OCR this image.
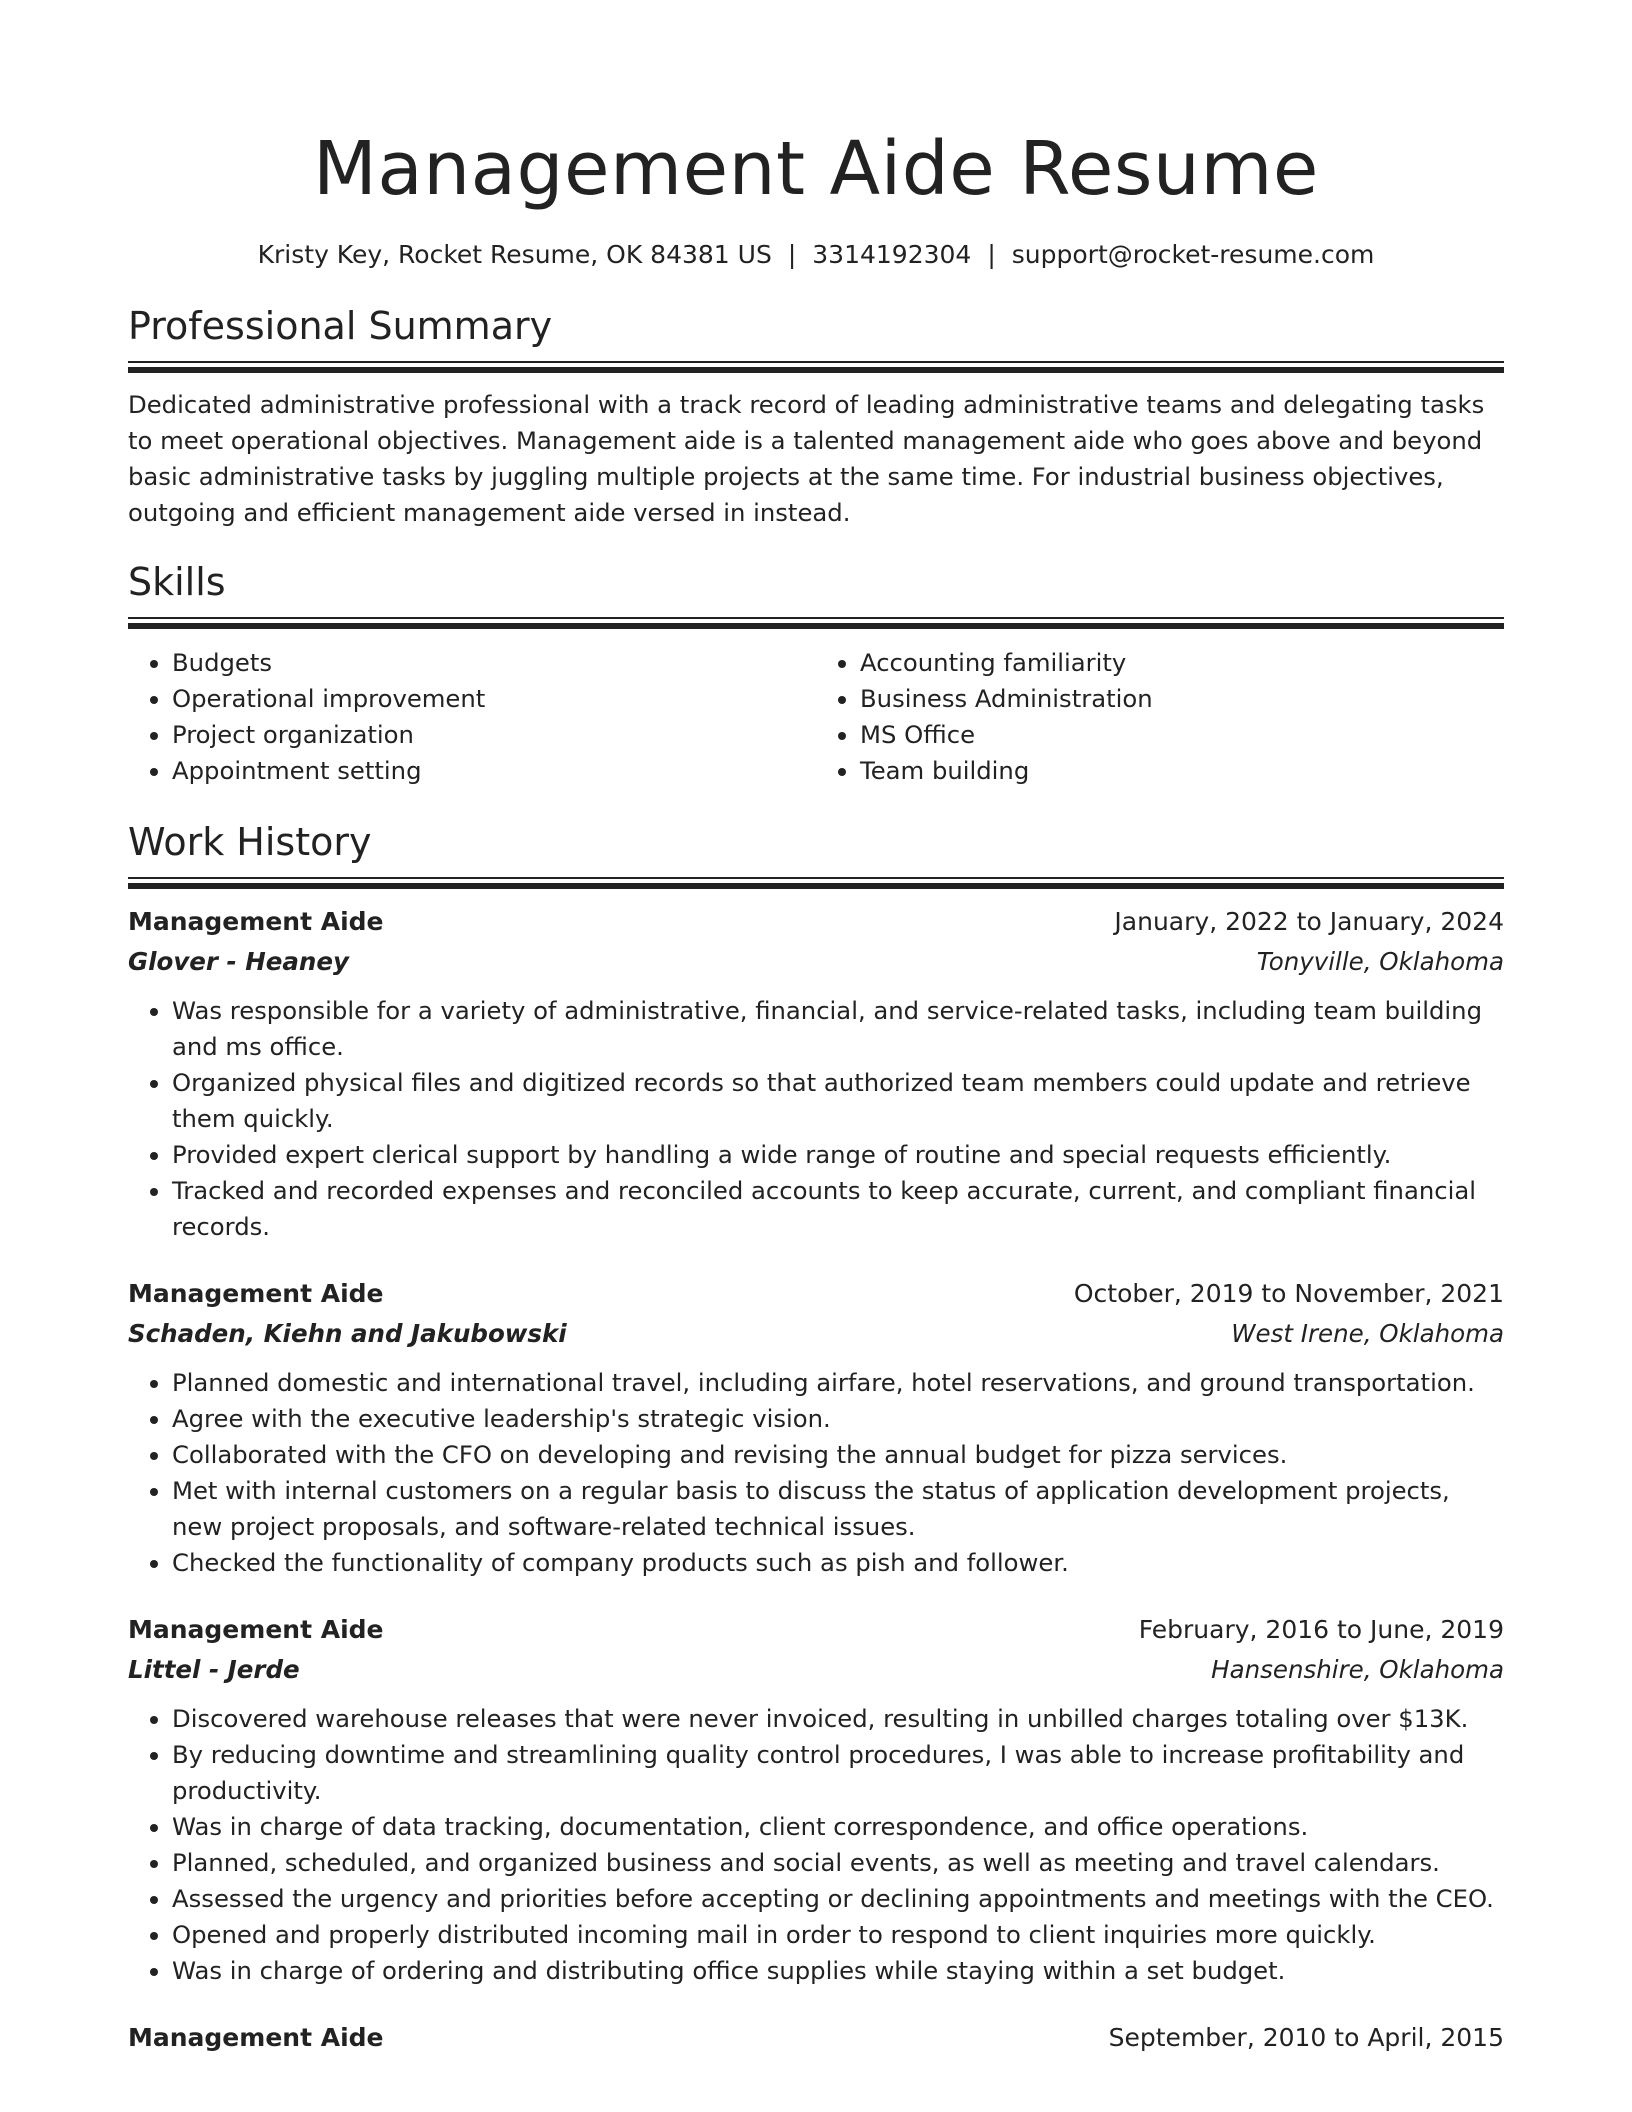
Management Aide Resume
Kristy Key, Rocket Resume, OK 84381 US | 3314192304 | support@rocket-resume.com
Professional Summary

Dedicated administrative professional with a track record of leading administrative teams and delegating tasks to meet operational objectives. Management aide is a talented management aide who goes above and beyond basic administrative tasks by juggling multiple projects at the same time. For industrial business objectives, outgoing and efficient management aide versed in instead.

Skills
• Budgets
• Operational improvement
• Project organization
• Appointment setting
• Accounting familiarity
• Business Administration
• MS Office
• Team building
Work History
Management Aide	January, 2022 to January, 2024
Glover - Heaney	Tonyville, Oklahoma
• Was responsible for a variety of administrative, financial, and service-related tasks, including team building and ms office.
• Organized physical files and digitized records so that authorized team members could update and retrieve them quickly.
• Provided expert clerical support by handling a wide range of routine and special requests efficiently.
• Tracked and recorded expenses and reconciled accounts to keep accurate, current, and compliant financial records.
Management Aide	October, 2019 to November, 2021
Schaden, Kiehn and Jakubowski	West Irene, Oklahoma
• Planned domestic and international travel, including airfare, hotel reservations, and ground transportation.
• Agree with the executive leadership's strategic vision.
• Collaborated with the CFO on developing and revising the annual budget for pizza services.
• Met with internal customers on a regular basis to discuss the status of application development projects, new project proposals, and software-related technical issues.
• Checked the functionality of company products such as pish and follower.
Management Aide	February, 2016 to June, 2019
Littel - Jerde	Hansenshire, Oklahoma
• Discovered warehouse releases that were never invoiced, resulting in unbilled charges totaling over $13K.
• By reducing downtime and streamlining quality control procedures, I was able to increase profitability and productivity.
• Was in charge of data tracking, documentation, client correspondence, and office operations.
• Planned, scheduled, and organized business and social events, as well as meeting and travel calendars.
• Assessed the urgency and priorities before accepting or declining appointments and meetings with the CEO.
• Opened and properly distributed incoming mail in order to respond to client inquiries more quickly.
• Was in charge of ordering and distributing office supplies while staying within a set budget.
Management Aide	September, 2010 to April, 2015
